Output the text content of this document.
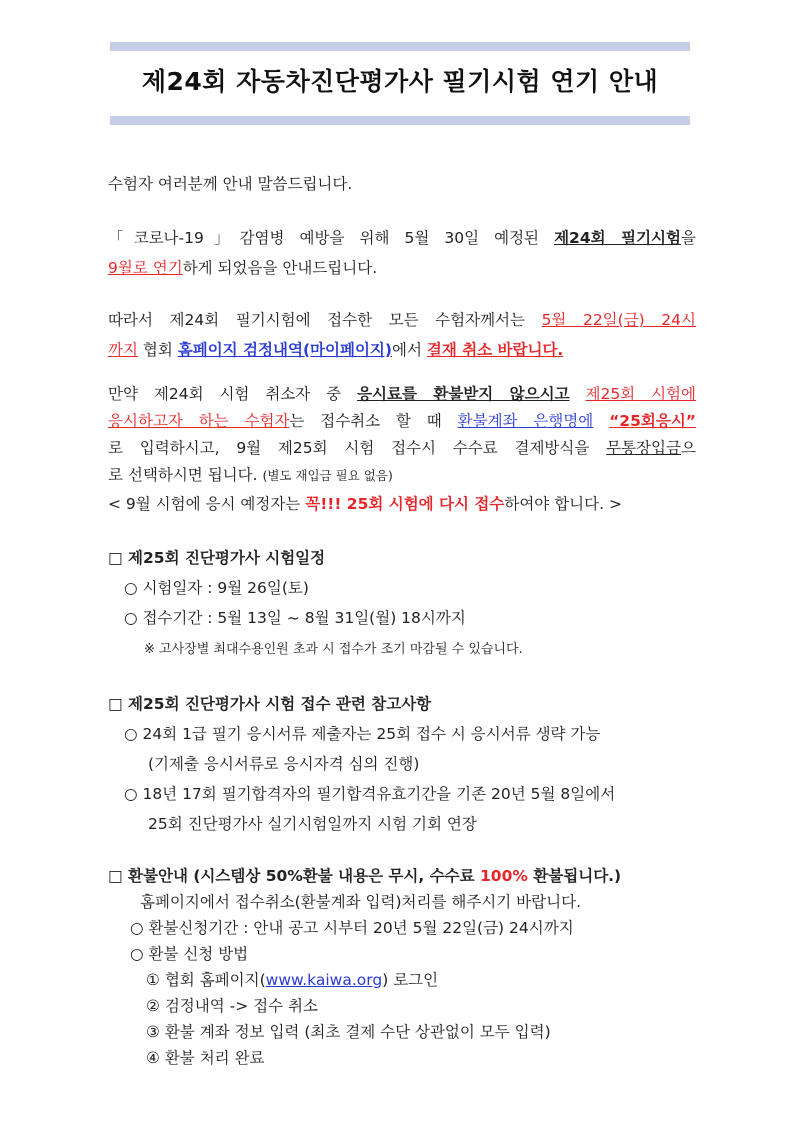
제24회 자동차진단평가사 필기시험 연기 안내
수험자 여러분께 안내 말씀드립니다.
「코로나-19」감염병 예방을 위해 5월 30일 예정된 제24회 필기시험을
9월로 연기하게 되었음을 안내드립니다.
따라서 제24회 필기시험에 접수한 모든 수험자께서는 5월 22일(금) 24시
까지 협회 홈페이지 검정내역(마이페이지)에서 결재 취소 바랍니다.
만약 제24회 시험 취소자 중 응시료를 환불받지 않으시고 제25회 시험에
응시하고자 하는 수험자는 접수취소 할 때 환불계좌 은행명에 “25회응시”
로 입력하시고, 9월 제25회 시험 접수시 수수료 결제방식을 무통장입금으
로 선택하시면 됩니다. (별도 재입금 필요 없음)
< 9월 시험에 응시 예정자는 꼭!!! 25회 시험에 다시 접수하여야 합니다. >
□ 제25회 진단평가사 시험일정
○ 시험일자 : 9월 26일(토)
○ 접수기간 : 5월 13일 ~ 8월 31일(월) 18시까지
※ 고사장별 최대수용인원 초과 시 접수가 조기 마감될 수 있습니다.
□ 제25회 진단평가사 시험 접수 관련 참고사항
○ 24회 1급 필기 응시서류 제출자는 25회 접수 시 응시서류 생략 가능
(기제출 응시서류로 응시자격 심의 진행)
○ 18년 17회 필기합격자의 필기합격유효기간을 기존 20년 5월 8일에서
25회 진단평가사 실기시험일까지 시험 기회 연장
□ 환불안내 (시스템상 50%환불 내용은 무시, 수수료 100% 환불됩니다.)
홈페이지에서 접수취소(환불계좌 입력)처리를 해주시기 바랍니다.
○ 환불신청기간 : 안내 공고 시부터 20년 5월 22일(금) 24시까지
○ 환불 신청 방법
① 협회 홈페이지(www.kaiwa.org) 로그인
② 검정내역 -> 접수 취소
③ 환불 계좌 정보 입력 (최초 결제 수단 상관없이 모두 입력)
④ 환불 처리 완료
